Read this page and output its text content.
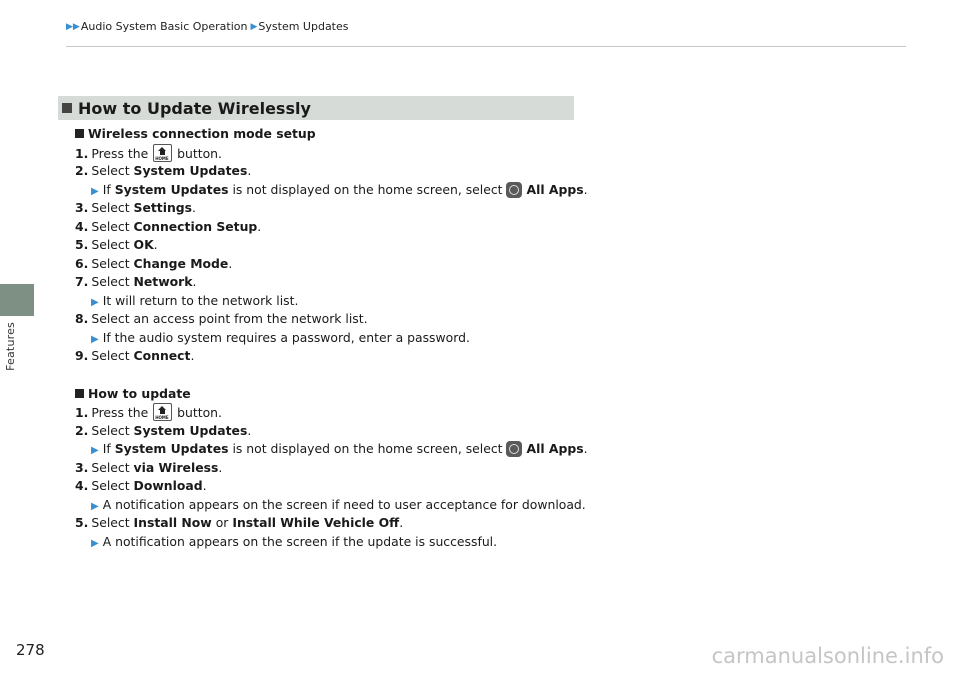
▶▶ Audio System Basic Operation ▶ System Updates
Features
278	carmanualsonline.info
How to Update Wirelessly
Wireless connection mode setup
1. Press the HOME button.
2. Select System Updates.
▶ If System Updates is not displayed on the home screen, select All Apps.
3. Select Settings.
4. Select Connection Setup.
5. Select OK.
6. Select Change Mode.
7. Select Network.
▶ It will return to the network list.
8. Select an access point from the network list.
▶ If the audio system requires a password, enter a password.
9. Select Connect.
How to update
1. Press the HOME button.
2. Select System Updates.
▶ If System Updates is not displayed on the home screen, select All Apps.
3. Select via Wireless.
4. Select Download.
▶ A notification appears on the screen if need to user acceptance for download.
5. Select Install Now or Install While Vehicle Off.
▶ A notification appears on the screen if the update is successful.
